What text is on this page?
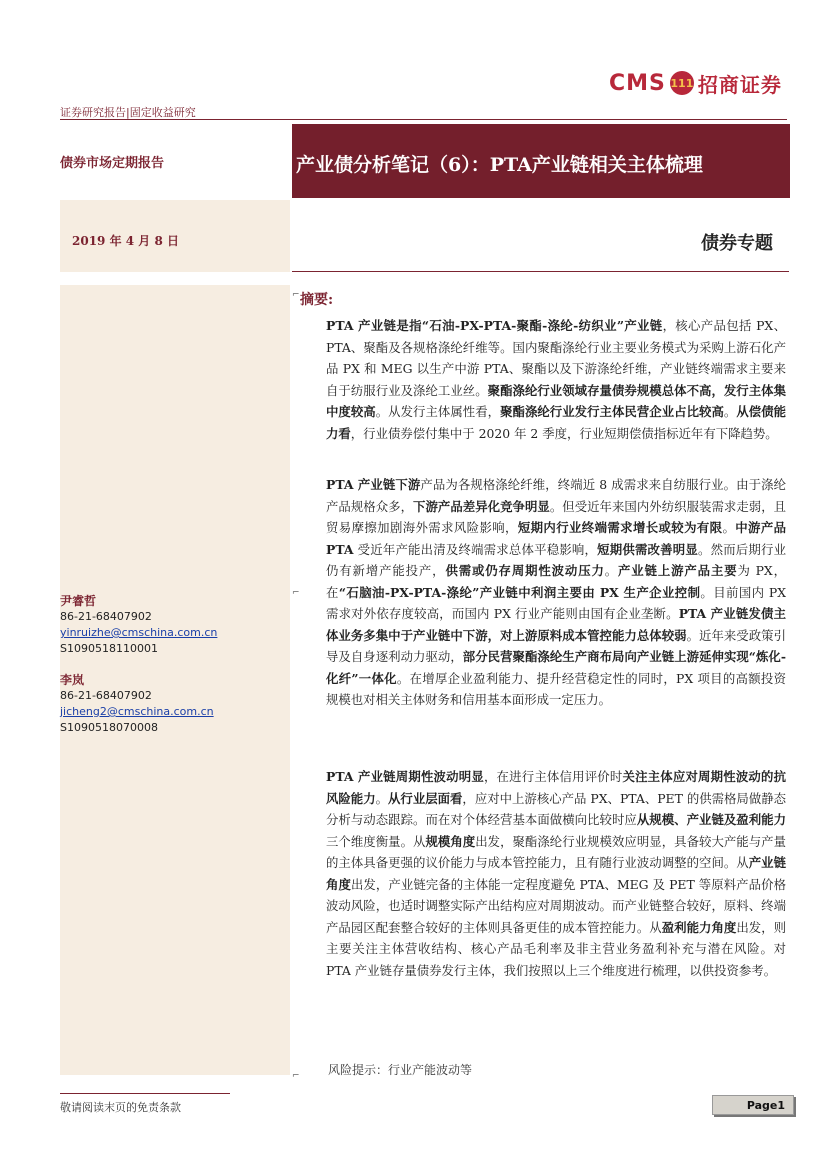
CMS 111 招商证券
证券研究报告|固定收益研究
债券市场定期报告	产业债分析笔记（6）：PTA产业链相关主体梳理
2019 年 4 月 8 日	债券专题
尹睿哲
86-21-68407902
yinruizhe@cmschina.com.cn
S1090518110001
李岚
86-21-68407902
jicheng2@cmschina.com.cn
S1090518070008
摘要:
PTA 产业链是指“石油-PX-PTA-聚酯-涤纶-纺织业”产业链，核心产品包括 PX、PTA、聚酯及各规格涤纶纤维等。国内聚酯涤纶行业主要业务模式为采购上游石化产品 PX 和 MEG 以生产中游 PTA、聚酯以及下游涤纶纤维，产业链终端需求主要来自于纺服行业及涤纶工业丝。聚酯涤纶行业领域存量债券规模总体不高，发行主体集中度较高。从发行主体属性看，聚酯涤纶行业发行主体民营企业占比较高。从偿债能力看，行业债券偿付集中于 2020 年 2 季度，行业短期偿债指标近年有下降趋势。
PTA 产业链下游产品为各规格涤纶纤维，终端近 8 成需求来自纺服行业。由于涤纶产品规格众多，下游产品差异化竞争明显。但受近年来国内外纺织服装需求走弱，且贸易摩擦加剧海外需求风险影响，短期内行业终端需求增长或较为有限。中游产品 PTA 受近年产能出清及终端需求总体平稳影响，短期供需改善明显。然而后期行业仍有新增产能投产，供需或仍存周期性波动压力。产业链上游产品主要为 PX，在“石脑油-PX-PTA-涤纶”产业链中利润主要由 PX 生产企业控制。目前国内 PX 需求对外依存度较高，而国内 PX 行业产能则由国有企业垄断。PTA 产业链发债主体业务多集中于产业链中下游，对上游原料成本管控能力总体较弱。近年来受政策引导及自身逐利动力驱动，部分民营聚酯涤纶生产商布局向产业链上游延伸实现“炼化-化纤”一体化。在增厚企业盈利能力、提升经营稳定性的同时，PX 项目的高额投资规模也对相关主体财务和信用基本面形成一定压力。
PTA 产业链周期性波动明显，在进行主体信用评价时关注主体应对周期性波动的抗风险能力。从行业层面看，应对中上游核心产品 PX、PTA、PET 的供需格局做静态分析与动态跟踪。而在对个体经营基本面做横向比较时应从规模、产业链及盈利能力三个维度衡量。从规模角度出发，聚酯涤纶行业规模效应明显，具备较大产能与产量的主体具备更强的议价能力与成本管控能力，且有随行业波动调整的空间。从产业链角度出发，产业链完备的主体能一定程度避免 PTA、MEG 及 PET 等原料产品价格波动风险，也适时调整实际产出结构应对周期波动。而产业链整合较好，原料、终端产品园区配套整合较好的主体则具备更佳的成本管控能力。从盈利能力角度出发，则主要关注主体营收结构、核心产品毛利率及非主营业务盈利补充与潜在风险。对 PTA 产业链存量债券发行主体，我们按照以上三个维度进行梳理，以供投资参考。
风险提示：行业产能波动等
⌐
⌐
⌐
敬请阅读末页的免责条款	Page1
